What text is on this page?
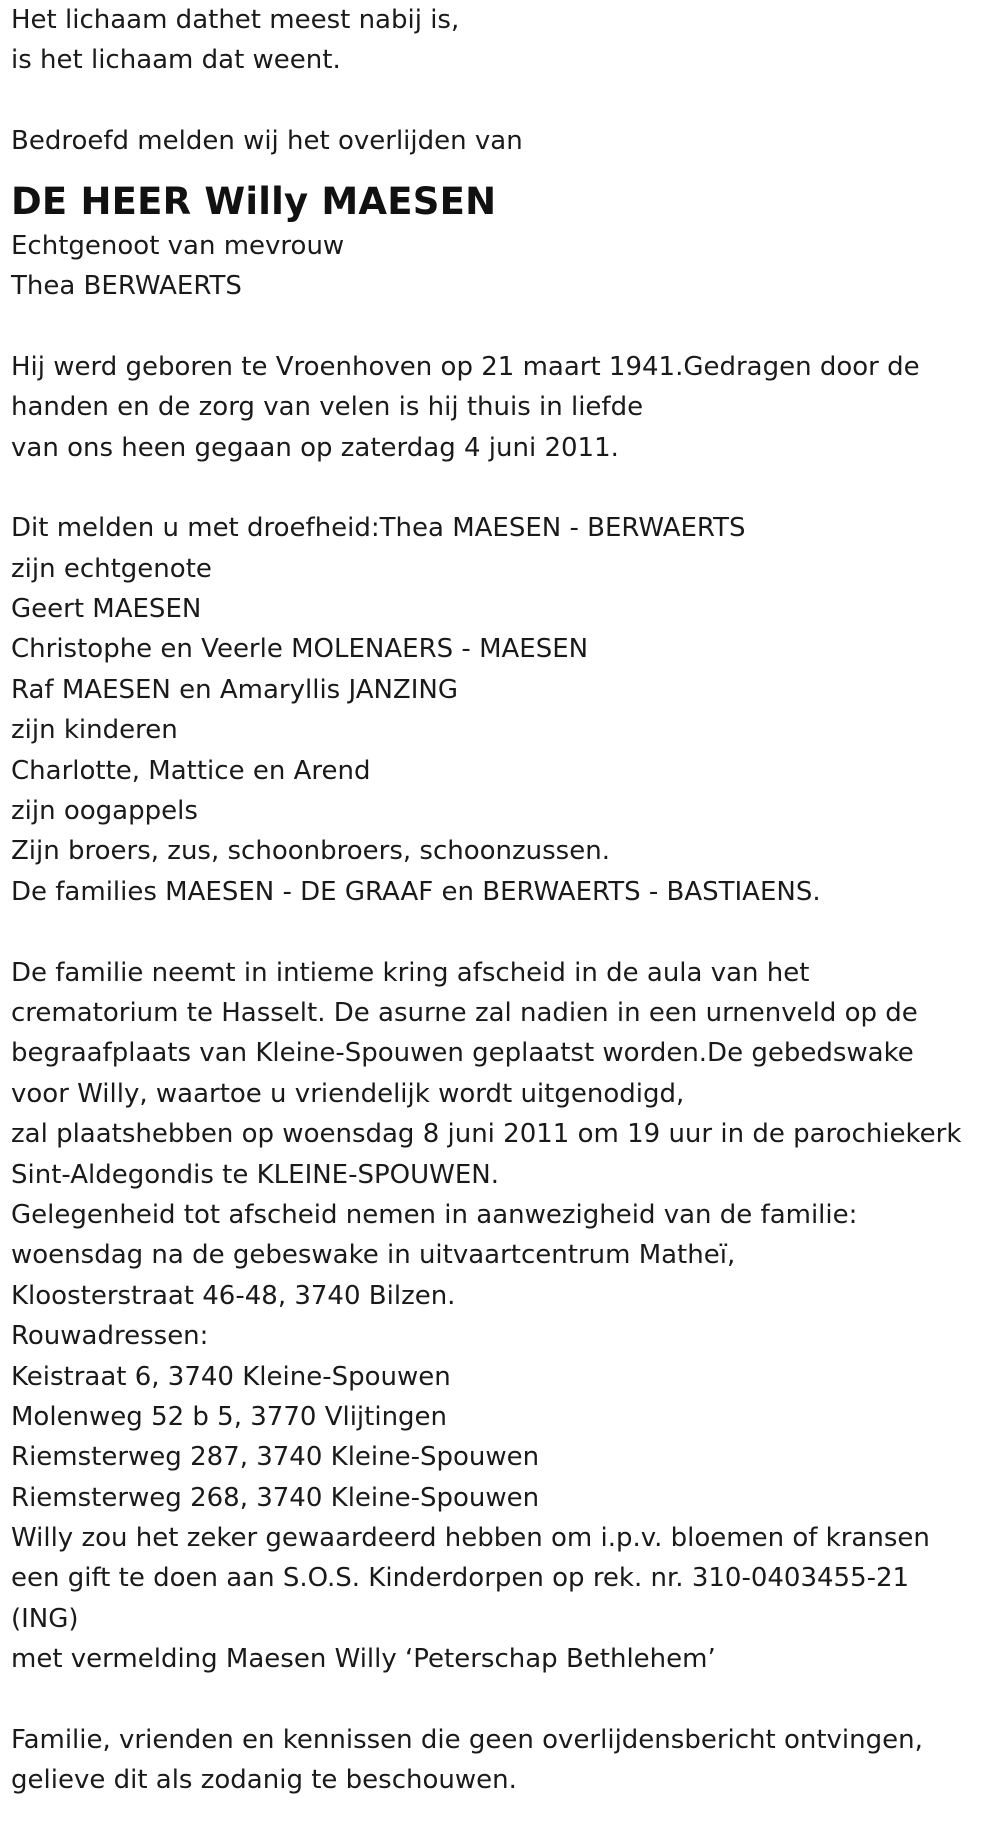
Het lichaam dathet meest nabij is,
is het lichaam dat weent.
Bedroefd melden wij het overlijden van
DE HEER Willy MAESEN
Echtgenoot van mevrouw
Thea BERWAERTS
Hij werd geboren te Vroenhoven op 21 maart 1941.Gedragen door de
handen en de zorg van velen is hij thuis in liefde
van ons heen gegaan op zaterdag 4 juni 2011.
Dit melden u met droefheid:Thea MAESEN - BERWAERTS
zijn echtgenote
Geert MAESEN
Christophe en Veerle MOLENAERS - MAESEN
Raf MAESEN en Amaryllis JANZING
zijn kinderen
Charlotte, Mattice en Arend
zijn oogappels
Zijn broers, zus, schoonbroers, schoonzussen.
De families MAESEN - DE GRAAF en BERWAERTS - BASTIAENS.
De familie neemt in intieme kring afscheid in de aula van het
crematorium te Hasselt. De asurne zal nadien in een urnenveld op de
begraafplaats van Kleine-Spouwen geplaatst worden.De gebedswake
voor Willy, waartoe u vriendelijk wordt uitgenodigd,
zal plaatshebben op woensdag 8 juni 2011 om 19 uur in de parochiekerk
Sint-Aldegondis te KLEINE-SPOUWEN.
Gelegenheid tot afscheid nemen in aanwezigheid van de familie:
woensdag na de gebeswake in uitvaartcentrum Matheï,
Kloosterstraat 46-48, 3740 Bilzen.
Rouwadressen:
Keistraat 6, 3740 Kleine-Spouwen
Molenweg 52 b 5, 3770 Vlijtingen
Riemsterweg 287, 3740 Kleine-Spouwen
Riemsterweg 268, 3740 Kleine-Spouwen
Willy zou het zeker gewaardeerd hebben om i.p.v. bloemen of kransen
een gift te doen aan S.O.S. Kinderdorpen op rek. nr. 310-0403455-21
(ING)
met vermelding Maesen Willy ‘Peterschap Bethlehem’
Familie, vrienden en kennissen die geen overlijdensbericht ontvingen,
gelieve dit als zodanig te beschouwen.
